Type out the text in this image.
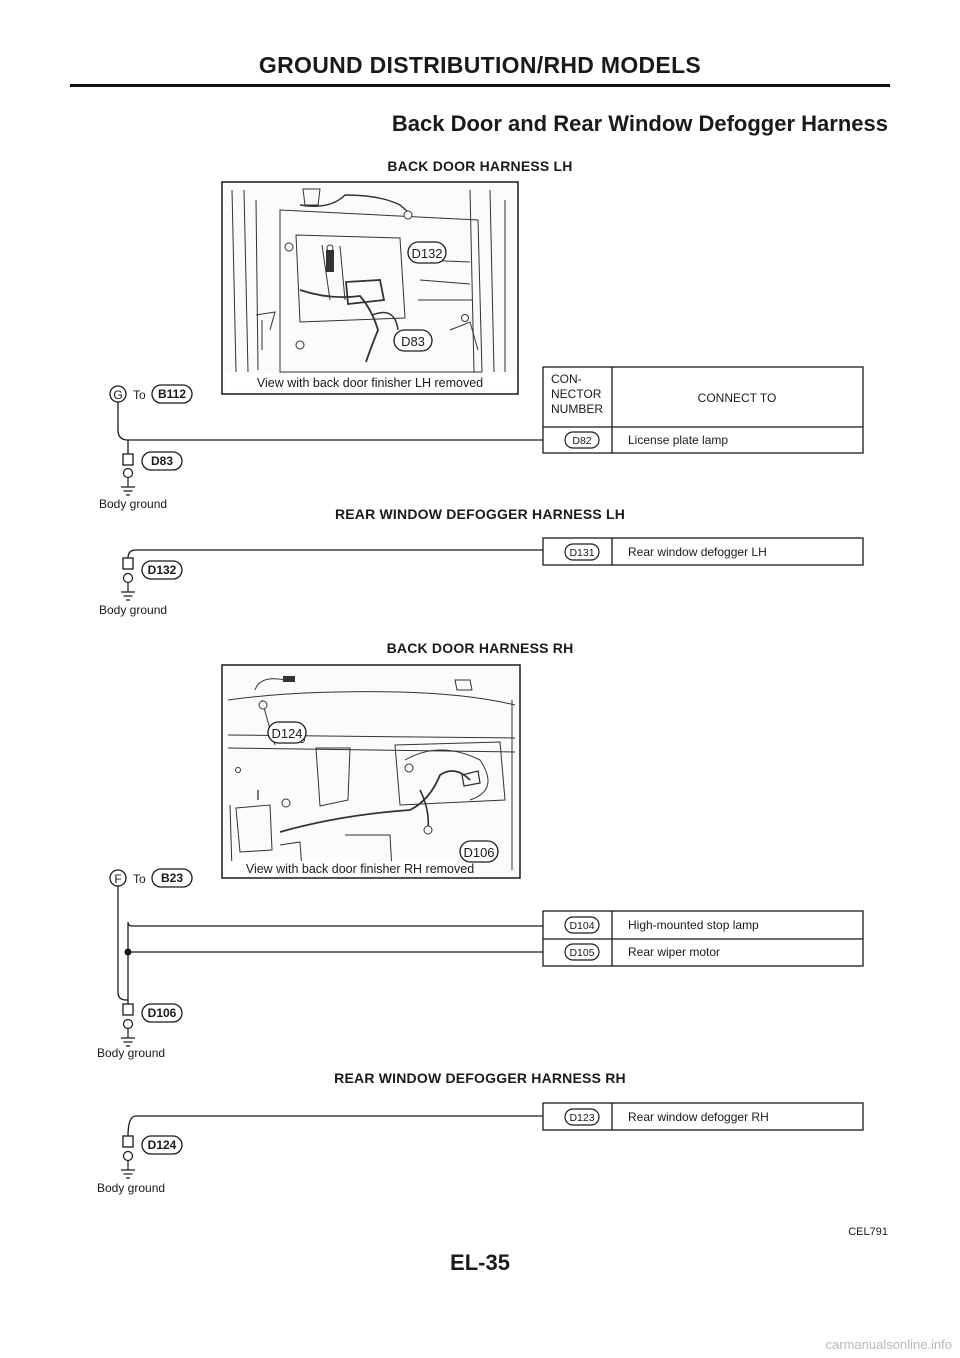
GROUND DISTRIBUTION/RHD MODELS
Back Door and Rear Window Defogger Harness
BACK DOOR HARNESS LH
REAR WINDOW DEFOGGER HARNESS LH
BACK DOOR HARNESS RH
REAR WINDOW DEFOGGER HARNESS RH
D132
D83
View with back door finisher LH removed
G To B112
D83
Body ground
CON-
NECTOR
NUMBER
CONNECT TO
D82	License plate lamp
D132
Body ground
D131	Rear window defogger LH
D124
D106
View with back door finisher RH removed
F To B23
D106
Body ground
D104	High-mounted stop lamp
D105	Rear wiper motor
D124
Body ground
D123	Rear window defogger RH
CEL791
EL-35
carmanualsonline.info
